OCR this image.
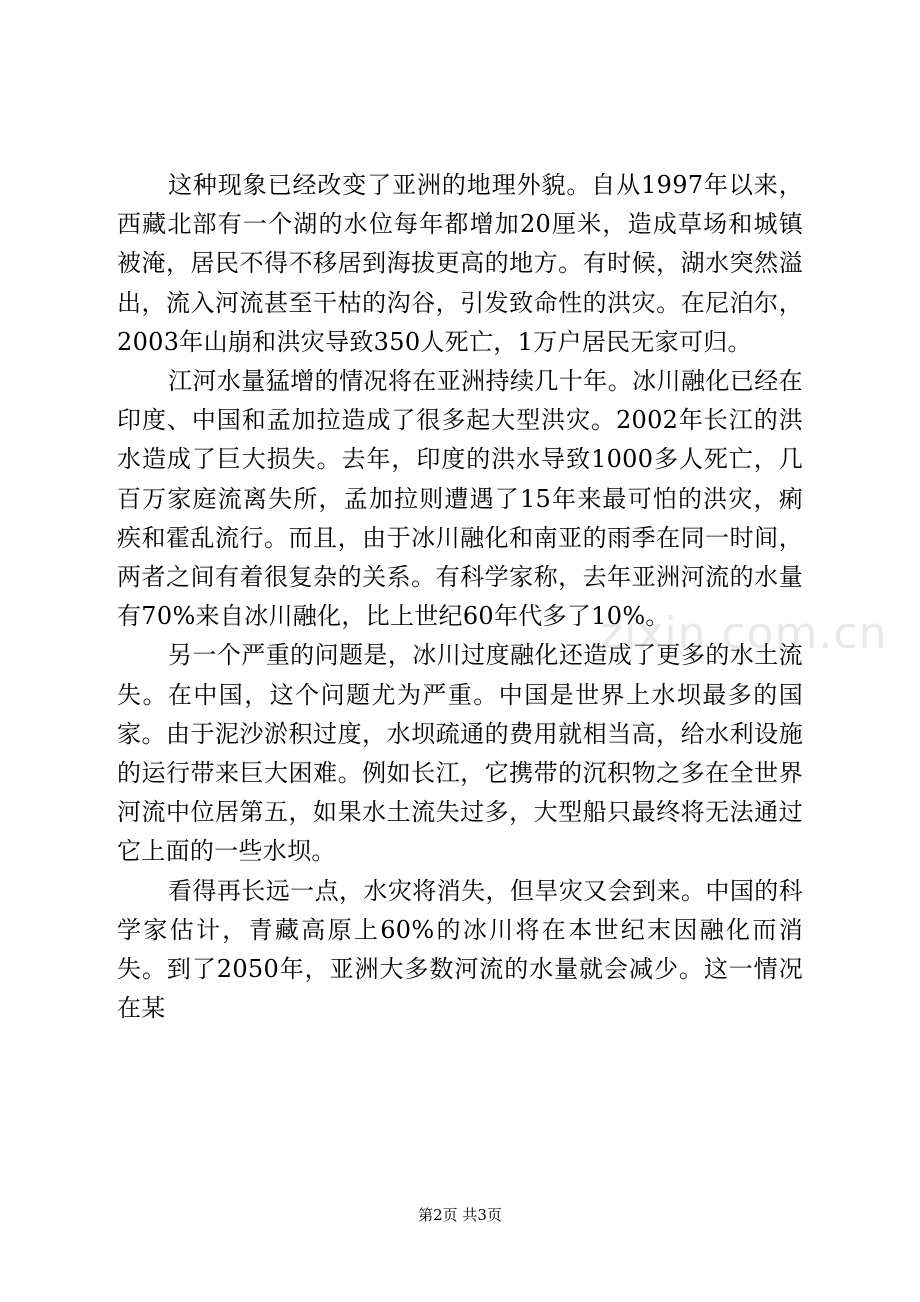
zixin.com.cn

这种现象已经改变了亚洲的地理外貌。自从1997年以来，西藏北部有一个湖的水位每年都增加20厘米，造成草场和城镇被淹，居民不得不移居到海拔更高的地方。有时候，湖水突然溢出，流入河流甚至干枯的沟谷，引发致命性的洪灾。在尼泊尔，2003年山崩和洪灾导致350人死亡，1万户居民无家可归。

江河水量猛增的情况将在亚洲持续几十年。冰川融化已经在印度、中国和孟加拉造成了很多起大型洪灾。2002年长江的洪水造成了巨大损失。去年，印度的洪水导致1000多人死亡，几百万家庭流离失所，孟加拉则遭遇了15年来最可怕的洪灾，痢疾和霍乱流行。而且，由于冰川融化和南亚的雨季在同一时间，两者之间有着很复杂的关系。有科学家称，去年亚洲河流的水量有70%来自冰川融化，比上世纪60年代多了10%。

另一个严重的问题是，冰川过度融化还造成了更多的水土流失。在中国，这个问题尤为严重。中国是世界上水坝最多的国家。由于泥沙淤积过度，水坝疏通的费用就相当高，给水利设施的运行带来巨大困难。例如长江，它携带的沉积物之多在全世界河流中位居第五，如果水土流失过多，大型船只最终将无法通过它上面的一些水坝。

看得再长远一点，水灾将消失，但旱灾又会到来。中国的科学家估计，青藏高原上60%的冰川将在本世纪末因融化而消失。到了2050年，亚洲大多数河流的水量就会减少。这一情况在某

第2页 共3页
